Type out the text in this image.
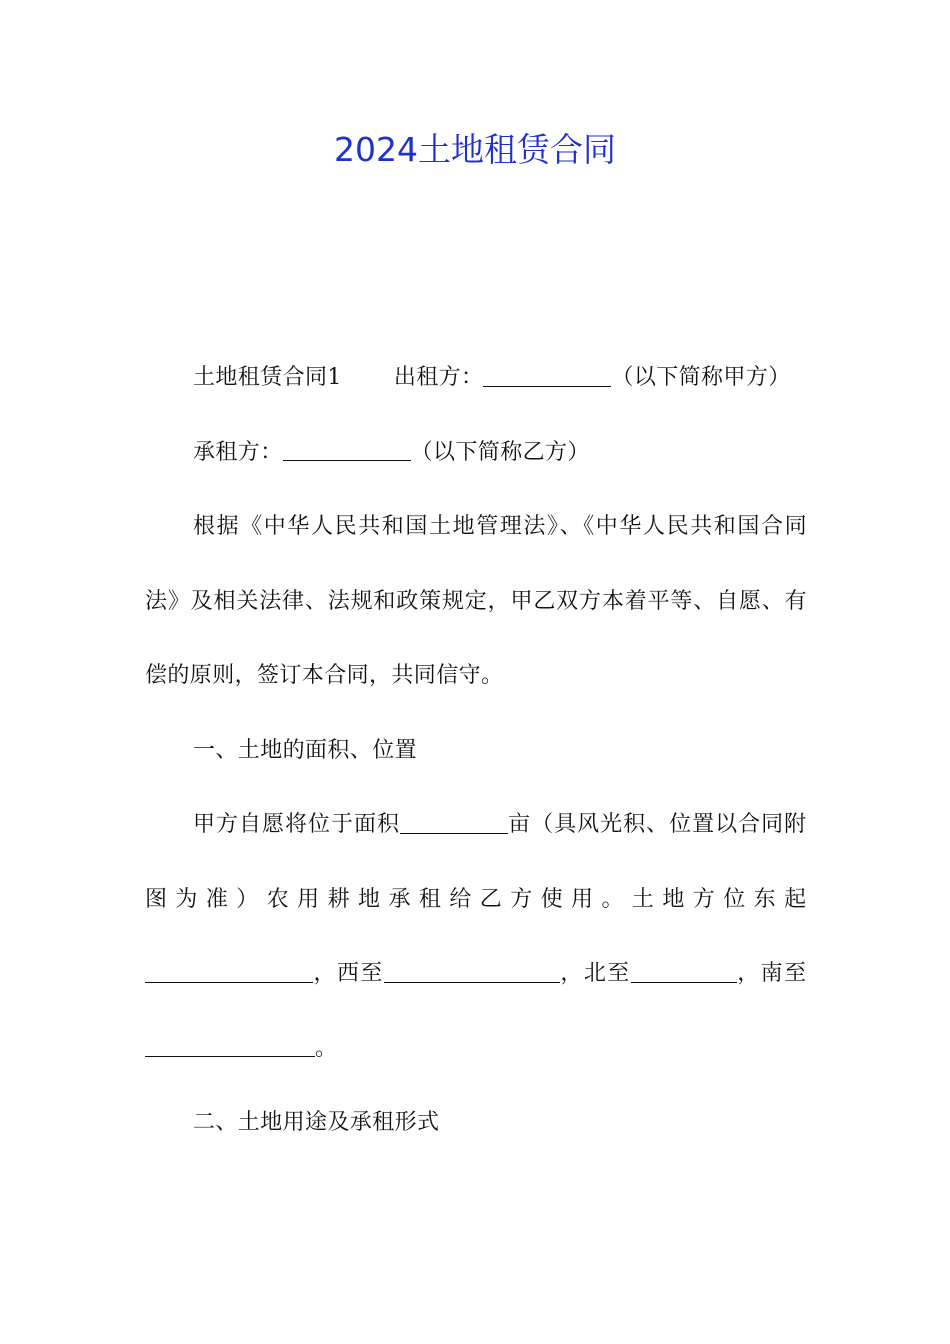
2024土地租赁合同

土地租赁合同1 出租方：	（以下简称甲方）

承租方：	（以下简称乙方）

根据《中华人民共和国土地管理法》、《中华人民共和国合同法》及相关法律、法规和政策规定，甲乙双方本着平等、自愿、有偿的原则，签订本合同，共同信守。

一、土地的面积、位置

甲方自愿将位于面积	亩（具风光积、位置以合同附图为准）农用耕地承租给乙方使用。土地方位东起，西至	，北至	，南至。

二、土地用途及承租形式
